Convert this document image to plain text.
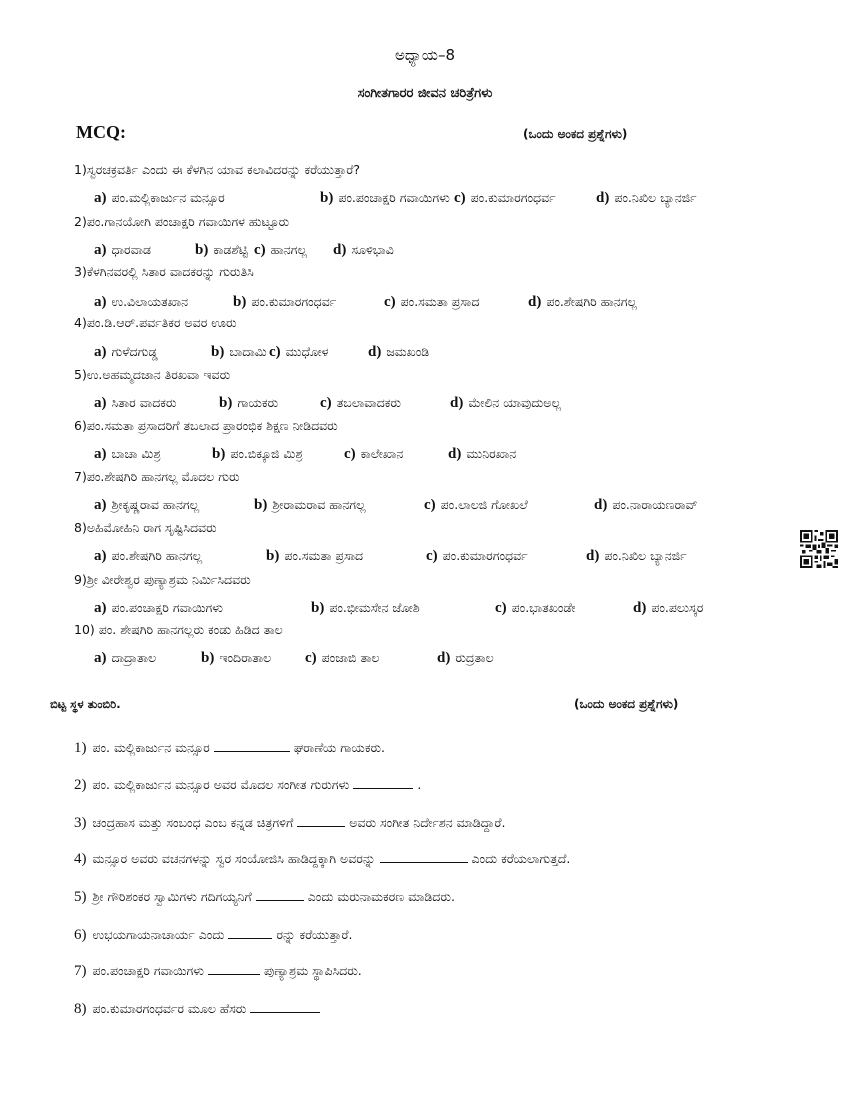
ಅಧ್ಯಾಯ–8
ಸಂಗೀತಗಾರರ ಜೀವನ ಚರಿತ್ರೆಗಳು
MCQ:	(ಒಂದು ಅಂಕದ ಪ್ರಶ್ನೆಗಳು)
1)ಸ್ವರಚಕ್ರವರ್ತಿ ಎಂದು ಈ ಕೆಳಗಿನ ಯಾವ ಕಲಾವಿದರನ್ನು ಕರೆಯುತ್ತಾರೆ?
a) ಪಂ.ಮಲ್ಲಿಕಾರ್ಜುನ ಮನ್ಸೂರ	b) ಪಂ.ಪಂಚಾಕ್ಷರಿ ಗವಾಯಿಗಳು c) ಪಂ.ಕುಮಾರಗಂಧರ್ವ	d) ಪಂ.ನಿಖಿಲ ಬ್ಯಾನರ್ಜಿ
2)ಪಂ.ಗಾನಯೋಗಿ ಪಂಚಾಕ್ಷರಿ ಗವಾಯಿಗಳ ಹುಟ್ಟೂರು
a) ಧಾರವಾಡ	b) ಕಾಡಶೆಟ್ಟಿ c) ಹಾನಗಲ್ಲ d) ಸೂಳಿಭಾವಿ
3)ಕೆಳಗಿನವರಲ್ಲಿ ಸಿತಾರ ವಾದಕರನ್ನು ಗುರುತಿಸಿ
a) ಉ.ವಿಲಾಯತಖಾನ	b) ಪಂ.ಕುಮಾರಗಂಧರ್ವ	c) ಪಂ.ಸಮತಾ ಪ್ರಸಾದ	d) ಪಂ.ಶೇಷಗಿರಿ ಹಾನಗಲ್ಲ
4)ಪಂ.ಡಿ.ಆರ್.ಪರ್ವತಿಕರ ಅವರ ಊರು
a) ಗುಳೆದಗುಡ್ಡ	b) ಬಾದಾಮಿ c) ಮುಧೋಳ	d) ಜಮಖಂಡಿ
5)ಉ.ಅಹಮ್ಮದಜಾನ ತಿರಖವಾ ಇವರು
a) ಸಿತಾರ ವಾದಕರು	b) ಗಾಯಕರು	c) ತಬಲಾವಾದಕರು	d) ಮೇಲಿನ ಯಾವುದುಅಲ್ಲ
6)ಪಂ.ಸಮತಾ ಪ್ರಸಾದರಿಗೆ ತಬಲಾದ ಪ್ರಾರಂಭಿಕ ಶಿಕ್ಷಣ ನೀಡಿದವರು
a) ಬಾಚಾ ಮಿಶ್ರ	b) ಪಂ.ಬಿಕ್ಕೂಜಿ ಮಿಶ್ರ	c) ಕಾಲೇಖಾನ	d) ಮುನಿರಖಾನ
7)ಪಂ.ಶೇಷಗಿರಿ ಹಾನಗಲ್ಲ ಮೊದಲ ಗುರು
a) ಶ್ರೀಕೃಷ್ಣರಾವ ಹಾನಗಲ್ಲ	b) ಶ್ರೀರಾಮರಾವ ಹಾನಗಲ್ಲ	c) ಪಂ.ಲಾಲಜಿ ಗೋಖಲೆ	d) ಪಂ.ನಾರಾಯಣರಾವ್
8)ಅಹಿಮೋಹಿನಿ ರಾಗ ಸೃಷ್ಟಿಸಿದವರು
a) ಪಂ.ಶೇಷಗಿರಿ ಹಾನಗಲ್ಲ	b) ಪಂ.ಸಮತಾ ಪ್ರಸಾದ	c) ಪಂ.ಕುಮಾರಗಂಧರ್ವ	d) ಪಂ.ನಿಖಿಲ ಬ್ಯಾನರ್ಜಿ
9)ಶ್ರೀ ವೀರೇಶ್ವರ ಪುಣ್ಯಾಶ್ರಮ ನಿರ್ಮಿಸಿದವರು
a) ಪಂ.ಪಂಚಾಕ್ಷರಿ ಗವಾಯಿಗಳು	b) ಪಂ.ಭೀಮಸೇನ ಜೋಶಿ	c) ಪಂ.ಭಾತಖಂಡೇ	d) ಪಂ.ಪಲುಸ್ಕರ
10) ಪಂ. ಶೇಷಗಿರಿ ಹಾನಗಲ್ಲರು ಕಂಡು ಹಿಡಿದ ತಾಲ
a) ದಾದ್ರಾತಾಲ	b) ಇಂದಿರಾತಾಲ c) ಪಂಜಾಬಿ ತಾಲ	d) ರುದ್ರತಾಲ
ಬಿಟ್ಟ ಸ್ಥಳ ತುಂಬಿರಿ.	(ಒಂದು ಅಂಕದ ಪ್ರಶ್ನೆಗಳು)
1) ಪಂ. ಮಲ್ಲಿಕಾರ್ಜುನ ಮನ್ಸೂರ	ಘರಾಣೆಯ ಗಾಯಕರು.
2) ಪಂ. ಮಲ್ಲಿಕಾರ್ಜುನ ಮನ್ಸೂರ ಅವರ ಮೊದಲ ಸಂಗೀತ ಗುರುಗಳು	.
3) ಚಂದ್ರಹಾಸ ಮತ್ತು ಸಂಬಂಧ ಎಂಬ ಕನ್ನಡ ಚಿತ್ರಗಳಿಗೆ	ಅವರು ಸಂಗೀತ ನಿರ್ದೇಶನ ಮಾಡಿದ್ದಾರೆ.
4) ಮನ್ಸೂರ ಅವರು ವಚನಗಳನ್ನು ಸ್ವರ ಸಂಯೋಜಿಸಿ ಹಾಡಿದ್ದಕ್ಕಾಗಿ ಅವರನ್ನು	ಎಂದು ಕರೆಯಲಾಗುತ್ತದೆ.
5) ಶ್ರೀ ಗೌರಿಶಂಕರ ಸ್ವಾಮಿಗಳು ಗದಿಗಯ್ಯನಿಗೆ	ಎಂದು ಮರುನಾಮಕರಣ ಮಾಡಿದರು.
6) ಉಭಯಗಾಯನಾಚಾರ್ಯ ಎಂದು	ರನ್ನು ಕರೆಯುತ್ತಾರೆ.
7) ಪಂ.ಪಂಚಾಕ್ಷರಿ ಗವಾಯಿಗಳು	ಪುಣ್ಯಾಶ್ರಮ ಸ್ಥಾಪಿಸಿದರು.
8) ಪಂ.ಕುಮಾರಗಂಧರ್ವರ ಮೂಲ ಹೆಸರು
